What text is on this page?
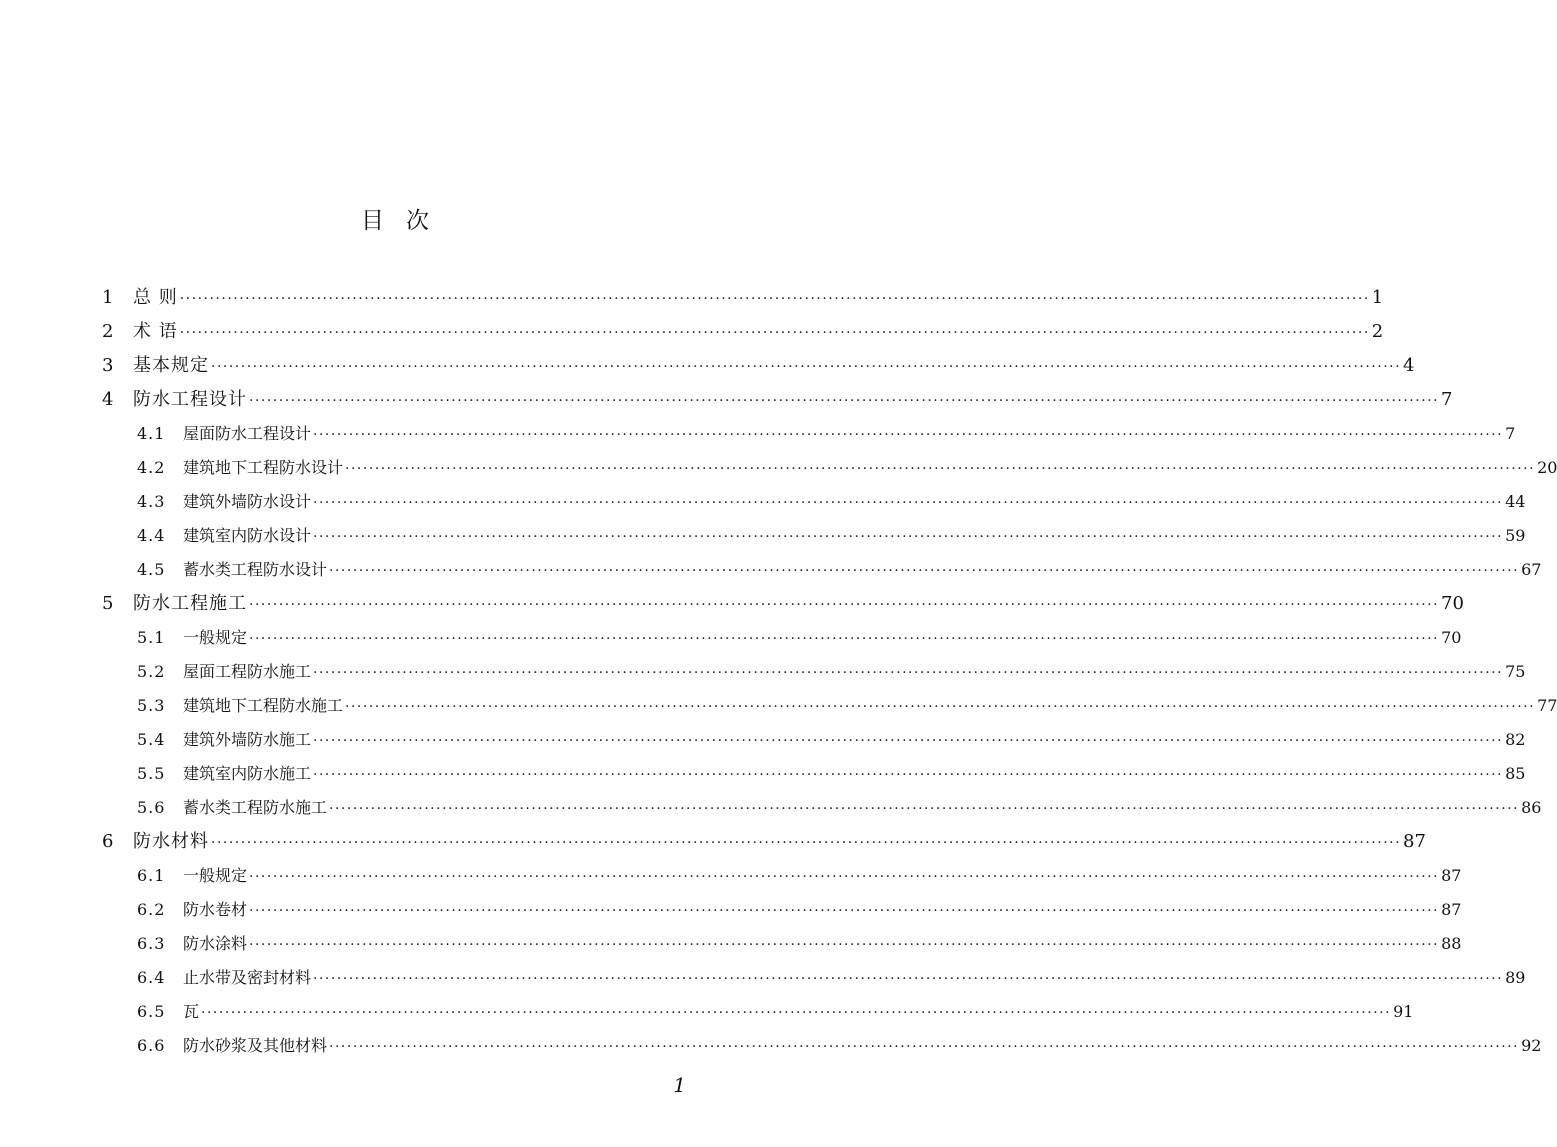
目次
1	总 则 ········································································································································································································ 1
2	术 语 ········································································································································································································ 2
3	基本规定 ········································································································································································································ 4
4	防水工程设计 ········································································································································································································ 7
4.1	屋面防水工程设计 ········································································································································································································ 7
4.2	建筑地下工程防水设计 ········································································································································································································ 20
4.3	建筑外墙防水设计 ········································································································································································································ 44
4.4	建筑室内防水设计 ········································································································································································································ 59
4.5	蓄水类工程防水设计 ········································································································································································································ 67
5	防水工程施工 ········································································································································································································ 70
5.1	一般规定 ········································································································································································································ 70
5.2	屋面工程防水施工 ········································································································································································································ 75
5.3	建筑地下工程防水施工 ········································································································································································································ 77
5.4	建筑外墙防水施工 ········································································································································································································ 82
5.5	建筑室内防水施工 ········································································································································································································ 85
5.6	蓄水类工程防水施工 ········································································································································································································ 86
6	防水材料 ········································································································································································································ 87
6.1	一般规定 ········································································································································································································ 87
6.2	防水卷材 ········································································································································································································ 87
6.3	防水涂料 ········································································································································································································ 88
6.4	止水带及密封材料 ········································································································································································································ 89
6.5	瓦 ········································································································································································································ 91
6.6	防水砂浆及其他材料 ········································································································································································································ 92
1
